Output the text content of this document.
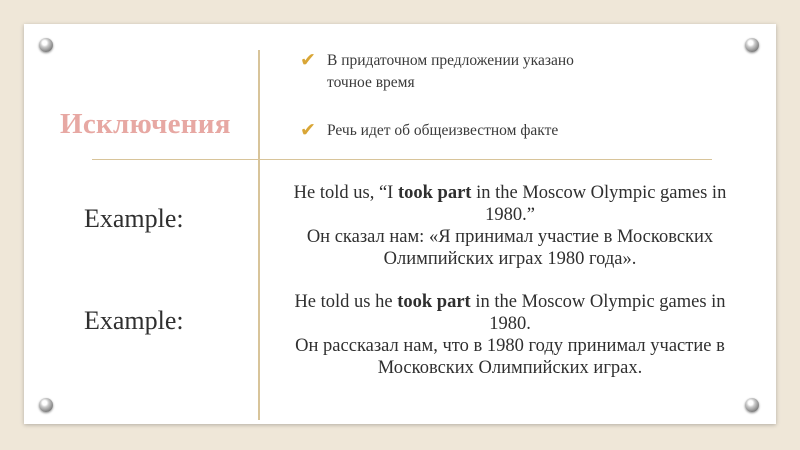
Исключения
✔ В придаточном предложении указано точное время
✔ Речь идет об общеизвестном факте
Example:
He told us, “I took part in the Moscow Olympic games in 1980.”
Он сказал нам: «Я принимал участие в Московских Олимпийских играх 1980 года».
Example:
He told us he took part in the Moscow Olympic games in 1980.
Он рассказал нам, что в 1980 году принимал участие в Московских Олимпийских играх.
